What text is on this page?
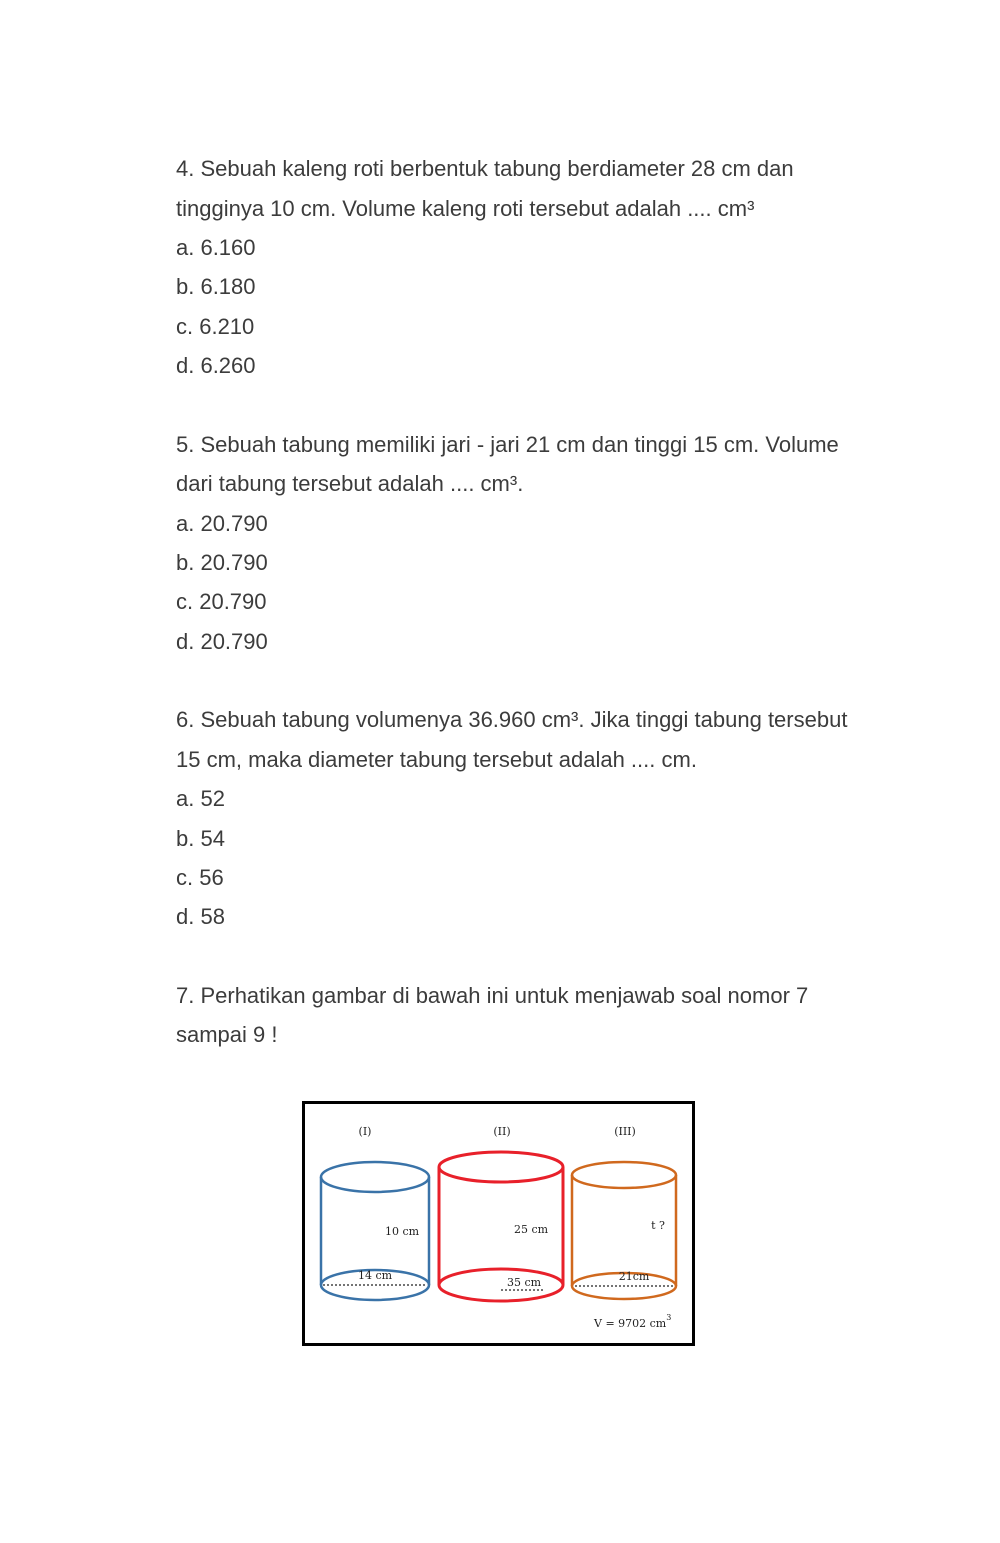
4. Sebuah kaleng roti berbentuk tabung berdiameter 28 cm dan
tingginya 10 cm. Volume kaleng roti tersebut adalah .... cm³
a. 6.160
b. 6.180
c. 6.210
d. 6.260
5. Sebuah tabung memiliki jari - jari 21 cm dan tinggi 15 cm. Volume
dari tabung tersebut adalah .... cm³.
a. 20.790
b. 20.790
c. 20.790
d. 20.790
6. Sebuah tabung volumenya 36.960 cm³. Jika tinggi tabung tersebut
15 cm, maka diameter tabung tersebut adalah .... cm.
a. 52
b. 54
c. 56
d. 58
7. Perhatikan gambar di bawah ini untuk menjawab soal nomor 7
sampai 9 !
(I)
10 cm
14 cm
(II)
25 cm
35 cm
(III)
t ?
21cm
V = 9702 $cm^3$
